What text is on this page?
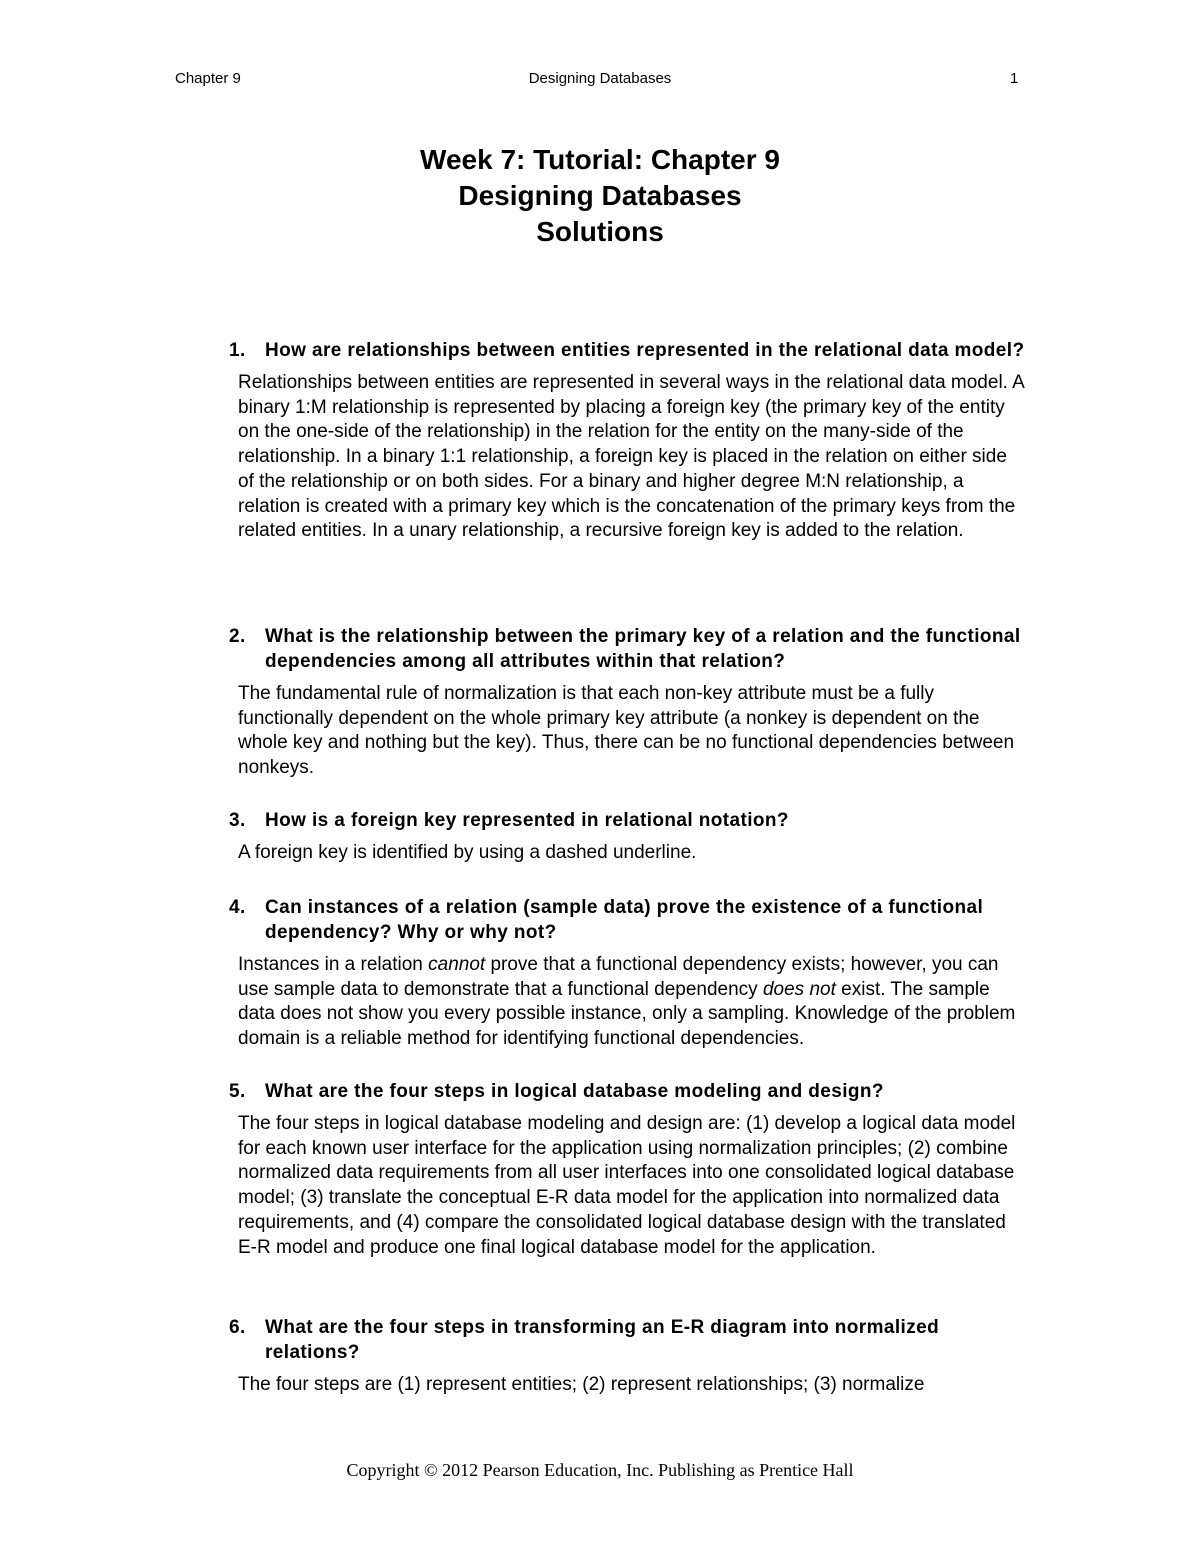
Chapter 9	Designing Databases	1
Week 7: Tutorial: Chapter 9
Designing Databases
Solutions
1.	How are relationships between entities represented in the relational data model?
Relationships between entities are represented in several ways in the relational data model. A binary 1:M relationship is represented by placing a foreign key (the primary key of the entity on the one-side of the relationship) in the relation for the entity on the many-side of the relationship. In a binary 1:1 relationship, a foreign key is placed in the relation on either side of the relationship or on both sides. For a binary and higher degree M:N relationship, a relation is created with a primary key which is the concatenation of the primary keys from the related entities. In a unary relationship, a recursive foreign key is added to the relation.
2.	What is the relationship between the primary key of a relation and the functional dependencies among all attributes within that relation?
The fundamental rule of normalization is that each non-key attribute must be a fully functionally dependent on the whole primary key attribute (a nonkey is dependent on the whole key and nothing but the key). Thus, there can be no functional dependencies between nonkeys.
3.	How is a foreign key represented in relational notation?
A foreign key is identified by using a dashed underline.
4.	Can instances of a relation (sample data) prove the existence of a functional dependency? Why or why not?
Instances in a relation cannot prove that a functional dependency exists; however, you can use sample data to demonstrate that a functional dependency does not exist. The sample data does not show you every possible instance, only a sampling. Knowledge of the problem domain is a reliable method for identifying functional dependencies.
5.	What are the four steps in logical database modeling and design?
The four steps in logical database modeling and design are: (1) develop a logical data model for each known user interface for the application using normalization principles; (2) combine normalized data requirements from all user interfaces into one consolidated logical database model; (3) translate the conceptual E-R data model for the application into normalized data requirements, and (4) compare the consolidated logical database design with the translated E-R model and produce one final logical database model for the application.
6.	What are the four steps in transforming an E-R diagram into normalized relations?
The four steps are (1) represent entities; (2) represent relationships; (3) normalize
Copyright © 2012 Pearson Education, Inc. Publishing as Prentice Hall
